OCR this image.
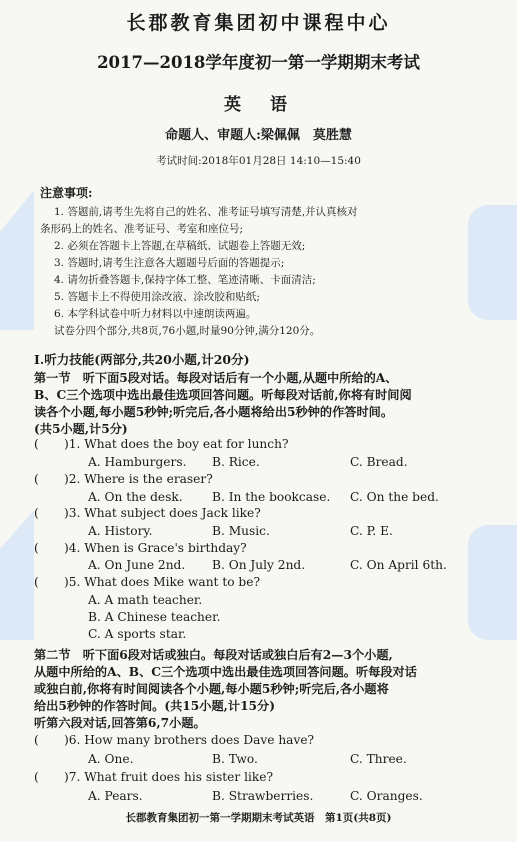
长郡教育集团初中课程中心
2017—2018学年度初一第一学期期末考试
英　语
命题人、审题人:梁佩佩　莫胜慧
考试时间:2018年01月28日 14:10—15:40
注意事项:
1. 答题前,请考生先将自己的姓名、准考证号填写清楚,并认真核对
条形码上的姓名、准考证号、考室和座位号;
2. 必须在答题卡上答题,在草稿纸、试题卷上答题无效;
3. 答题时,请考生注意各大题题号后面的答题提示;
4. 请勿折叠答题卡,保持字体工整、笔迹清晰、卡面清洁;
5. 答题卡上不得使用涂改液、涂改胶和贴纸;
6. 本学科试卷中听力材料以中速朗读两遍。
试卷分四个部分,共8页,76小题,时量90分钟,满分120分。
Ⅰ.听力技能(两部分,共20小题,计20分)
第一节　听下面5段对话。每段对话后有一个小题,从题中所给的A、
B、C三个选项中选出最佳选项回答问题。听每段对话前,你将有时间阅
读各个小题,每小题5秒钟;听完后,各小题将给出5秒钟的作答时间。
(共5小题,计5分)
( )1. What does the boy eat for lunch?
A. Hamburgers. B. Rice.	C. Bread.
( )2. Where is the eraser?
A. On the desk. B. In the bookcase. C. On the bed.
( )3. What subject does Jack like?
A. History.	B. Music.	C. P. E.
( )4. When is Grace's birthday?
A. On June 2nd. B. On July 2nd.	C. On April 6th.
( )5. What does Mike want to be?
A. A math teacher.
B. A Chinese teacher.
C. A sports star.
第二节　听下面6段对话或独白。每段对话或独白后有2—3个小题,
从题中所给的A、B、C三个选项中选出最佳选项回答问题。听每段对话
或独白前,你将有时间阅读各个小题,每小题5秒钟;听完后,各小题将
给出5秒钟的作答时间。(共15小题,计15分)
听第六段对话,回答第6,7小题。
( )6. How many brothers does Dave have?
A. One.	B. Two.	C. Three.
( )7. What fruit does his sister like?
A. Pears.	B. Strawberries.	C. Oranges.
长郡教育集团初一第一学期期末考试英语　第1页(共8页)
